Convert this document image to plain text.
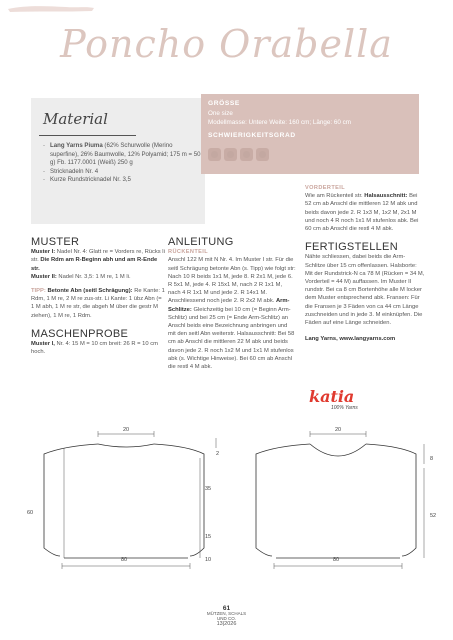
Poncho Orabella
Material
- Lang Yarns Piuma (62% Schurwolle (Merino superfine), 26% Baumwolle, 12% Polyamid; 175 m = 50 g) Fb. 1177.0001 (Weiß) 250 g
- Stricknadeln Nr. 4
- Kurze Rundstricknadel Nr. 3,5
GRÖSSE

One size

Modellmasse: Untere Weite: 160 cm; Länge: 60 cm

SCHWIERIGKEITSGRAD
MUSTER

Muster I: Nadel Nr. 4: Glatt re = Vorders re, Rücks li str. Die Rdm am R-Beginn abh und am R-Ende str.

Muster II: Nadel Nr. 3,5: 1 M re, 1 M li.

TIPP: Betonte Abn (seitl Schrägung): Re Kante: 1 Rdm, 1 M re, 2 M re zus-str. Li Kante: 1 übz Abn (= 1 M abh, 1 M re str, die abgeh M über die gestr M ziehen), 1 M re, 1 Rdm.

MASCHENPROBE

Muster I, Nr. 4: 15 M = 10 cm breit: 26 R = 10 cm hoch.

ANLEITUNG
RÜCKENTEIL

Anschl 122 M mit N Nr. 4. Im Muster I str. Für die seitl Schrägung betonte Abn (s. Tipp) wie folgt str: Nach 10 R beids 1x1 M, jede 8. R 2x1 M, jede 6. R 5x1 M, jede 4. R 15x1 M, nach 2 R 1x1 M, nach 4 R 1x1 M und jede 2. R 14x1 M. Anschliessend noch jede 2. R 2x2 M abk. Arm-Schlitze: Gleichzeitig bei 10 cm (= Beginn Arm-Schlitz) und bei 25 cm (= Ende Arm-Schlitz) an Anschl beids eine Bezeichnung anbringen und mit den seitl Abn weiterstr. Halsausschnitt: Bei 58 cm ab Anschl die mittleren 22 M abk und beids davon jede 2. R noch 1x2 M und 1x1 M stufenlos abk (s. Wichtige Hinweise). Bei 60 cm ab Anschl die restl 4 M abk.

VORDERTEIL

Wie am Rückenteil str. Halsausschnitt: Bei 52 cm ab Anschl die mittleren 12 M abk und beids davon jede 2. R 1x3 M, 1x2 M, 2x1 M und noch 4 R noch 1x1 M stufenlos abk. Bei 60 cm ab Anschl die restl 4 M abk.

FERTIGSTELLEN

Nähte schliessen, dabei beids die Arm-Schlitze über 15 cm offenlassen. Halsborte: Mit der Rundstrick-N ca 78 M (Rücken = 34 M, Vorderteil = 44 M) auffassen. Im Muster II rundstr. Bei ca 8 cm Bortenhöhe alle M locker dem Muster entsprechend abk. Fransen: Für die Fransen je 3 Fäden von ca 44 cm Länge zuschneiden und in jede 3. M einknüpfen. Die Fäden auf eine Länge schneiden.

Lang Yarns, www.langyarns.com

katia
100% Yarns
20
2
60
35
15
10
80
20
8
52
80
61
MÜTZEN, SCHALS
UND CO.
13|2026
